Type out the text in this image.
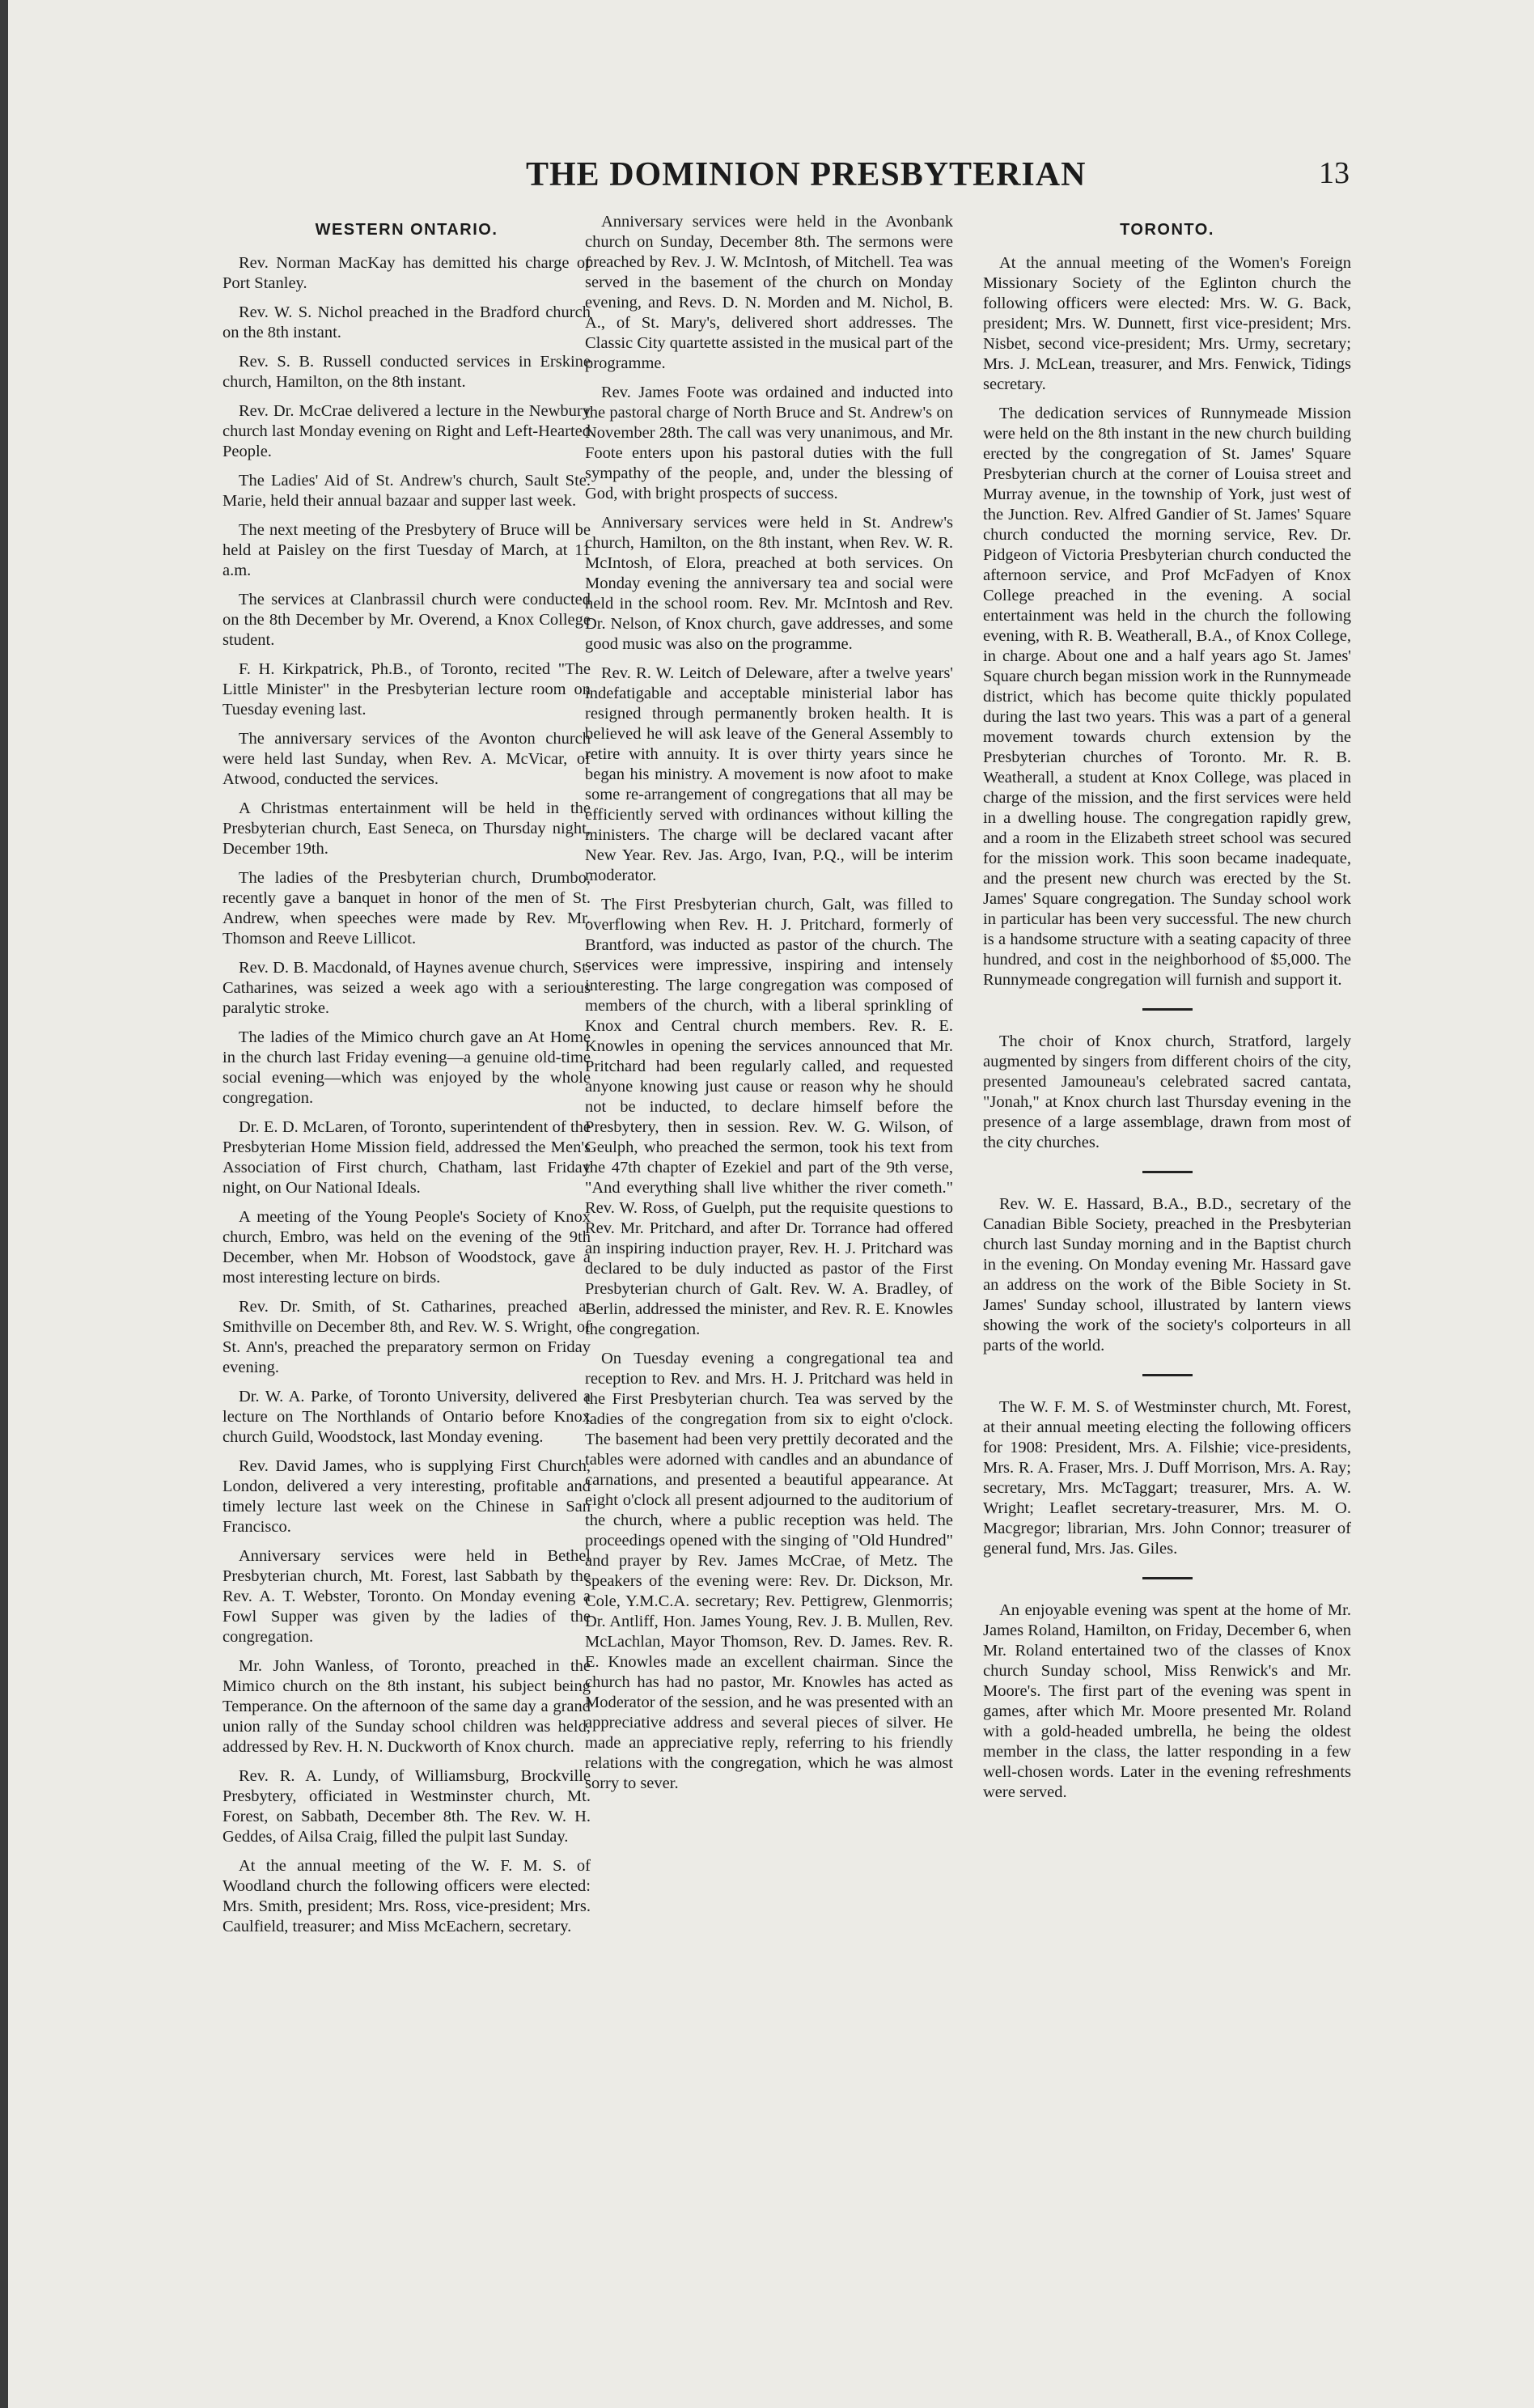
THE DOMINION PRESBYTERIAN	13
WESTERN ONTARIO.

Rev. Norman MacKay has demitted his charge of Port Stanley.

Rev. W. S. Nichol preached in the Bradford church on the 8th instant.

Rev. S. B. Russell conducted services in Erskine church, Hamilton, on the 8th instant.

Rev. Dr. McCrae delivered a lecture in the Newbury church last Monday evening on Right and Left-Hearted People.

The Ladies' Aid of St. Andrew's church, Sault Ste. Marie, held their annual bazaar and supper last week.

The next meeting of the Presbytery of Bruce will be held at Paisley on the first Tuesday of March, at 11 a.m.

The services at Clanbrassil church were conducted on the 8th December by Mr. Overend, a Knox College student.

F. H. Kirkpatrick, Ph.B., of Toronto, recited "The Little Minister" in the Presbyterian lecture room on Tuesday evening last.

The anniversary services of the Avonton church were held last Sunday, when Rev. A. McVicar, of Atwood, conducted the services.

A Christmas entertainment will be held in the Presbyterian church, East Seneca, on Thursday night, December 19th.

The ladies of the Presbyterian church, Drumbo, recently gave a banquet in honor of the men of St. Andrew, when speeches were made by Rev. Mr. Thomson and Reeve Lillicot.

Rev. D. B. Macdonald, of Haynes avenue church, St. Catharines, was seized a week ago with a serious paralytic stroke.

The ladies of the Mimico church gave an At Home in the church last Friday evening—a genuine old-time social evening—which was enjoyed by the whole congregation.

Dr. E. D. McLaren, of Toronto, superintendent of the Presbyterian Home Mission field, addressed the Men's Association of First church, Chatham, last Friday night, on Our National Ideals.

A meeting of the Young People's Society of Knox church, Embro, was held on the evening of the 9th December, when Mr. Hobson of Woodstock, gave a most interesting lecture on birds.

Rev. Dr. Smith, of St. Catharines, preached at Smithville on December 8th, and Rev. W. S. Wright, of St. Ann's, preached the preparatory sermon on Friday evening.

Dr. W. A. Parke, of Toronto University, delivered a lecture on The Northlands of Ontario before Knox church Guild, Woodstock, last Monday evening.

Rev. David James, who is supplying First Church, London, delivered a very interesting, profitable and timely lecture last week on the Chinese in San Francisco.

Anniversary services were held in Bethel Presbyterian church, Mt. Forest, last Sabbath by the Rev. A. T. Webster, Toronto. On Monday evening a Fowl Supper was given by the ladies of the congregation.

Mr. John Wanless, of Toronto, preached in the Mimico church on the 8th instant, his subject being Temperance. On the afternoon of the same day a grand union rally of the Sunday school children was held, addressed by Rev. H. N. Duckworth of Knox church.

Rev. R. A. Lundy, of Williamsburg, Brockville Presbytery, officiated in Westminster church, Mt. Forest, on Sabbath, December 8th. The Rev. W. H. Geddes, of Ailsa Craig, filled the pulpit last Sunday.

At the annual meeting of the W. F. M. S. of Woodland church the following officers were elected: Mrs. Smith, president; Mrs. Ross, vice-president; Mrs. Caulfield, treasurer; and Miss McEachern, secretary.

Anniversary services were held in the Avonbank church on Sunday, December 8th. The sermons were preached by Rev. J. W. McIntosh, of Mitchell. Tea was served in the basement of the church on Monday evening, and Revs. D. N. Morden and M. Nichol, B. A., of St. Mary's, delivered short addresses. The Classic City quartette assisted in the musical part of the programme.

Rev. James Foote was ordained and inducted into the pastoral charge of North Bruce and St. Andrew's on November 28th. The call was very unanimous, and Mr. Foote enters upon his pastoral duties with the full sympathy of the people, and, under the blessing of God, with bright prospects of success.

Anniversary services were held in St. Andrew's church, Hamilton, on the 8th instant, when Rev. W. R. McIntosh, of Elora, preached at both services. On Monday evening the anniversary tea and social were held in the school room. Rev. Mr. McIntosh and Rev. Dr. Nelson, of Knox church, gave addresses, and some good music was also on the programme.

Rev. R. W. Leitch of Deleware, after a twelve years' indefatigable and acceptable ministerial labor has resigned through permanently broken health. It is believed he will ask leave of the General Assembly to retire with annuity. It is over thirty years since he began his ministry. A movement is now afoot to make some re-arrangement of congregations that all may be efficiently served with ordinances without killing the ministers. The charge will be declared vacant after New Year. Rev. Jas. Argo, Ivan, P.Q., will be interim moderator.

The First Presbyterian church, Galt, was filled to overflowing when Rev. H. J. Pritchard, formerly of Brantford, was inducted as pastor of the church. The services were impressive, inspiring and intensely interesting. The large congregation was composed of members of the church, with a liberal sprinkling of Knox and Central church members. Rev. R. E. Knowles in opening the services announced that Mr. Pritchard had been regularly called, and requested anyone knowing just cause or reason why he should not be inducted, to declare himself before the Presbytery, then in session. Rev. W. G. Wilson, of Geulph, who preached the sermon, took his text from the 47th chapter of Ezekiel and part of the 9th verse, "And everything shall live whither the river cometh." Rev. W. Ross, of Guelph, put the requisite questions to Rev. Mr. Pritchard, and after Dr. Torrance had offered an inspiring induction prayer, Rev. H. J. Pritchard was declared to be duly inducted as pastor of the First Presbyterian church of Galt. Rev. W. A. Bradley, of Berlin, addressed the minister, and Rev. R. E. Knowles the congregation.

On Tuesday evening a congregational tea and reception to Rev. and Mrs. H. J. Pritchard was held in the First Presbyterian church. Tea was served by the ladies of the congregation from six to eight o'clock. The basement had been very prettily decorated and the tables were adorned with candles and an abundance of carnations, and presented a beautiful appearance. At eight o'clock all present adjourned to the auditorium of the church, where a public reception was held. The proceedings opened with the singing of "Old Hundred" and prayer by Rev. James McCrae, of Metz. The speakers of the evening were: Rev. Dr. Dickson, Mr. Cole, Y.M.C.A. secretary; Rev. Pettigrew, Glenmorris; Dr. Antliff, Hon. James Young, Rev. J. B. Mullen, Rev. McLachlan, Mayor Thomson, Rev. D. James. Rev. R. E. Knowles made an excellent chairman. Since the church has had no pastor, Mr. Knowles has acted as Moderator of the session, and he was presented with an appreciative address and several pieces of silver. He made an appreciative reply, referring to his friendly relations with the congregation, which he was almost sorry to sever.

TORONTO.

At the annual meeting of the Women's Foreign Missionary Society of the Eglinton church the following officers were elected: Mrs. W. G. Back, president; Mrs. W. Dunnett, first vice-president; Mrs. Nisbet, second vice-president; Mrs. Urmy, secretary; Mrs. J. McLean, treasurer, and Mrs. Fenwick, Tidings secretary.

The dedication services of Runnymeade Mission were held on the 8th instant in the new church building erected by the congregation of St. James' Square Presbyterian church at the corner of Louisa street and Murray avenue, in the township of York, just west of the Junction. Rev. Alfred Gandier of St. James' Square church conducted the morning service, Rev. Dr. Pidgeon of Victoria Presbyterian church conducted the afternoon service, and Prof McFadyen of Knox College preached in the evening. A social entertainment was held in the church the following evening, with R. B. Weatherall, B.A., of Knox College, in charge. About one and a half years ago St. James' Square church began mission work in the Runnymeade district, which has become quite thickly populated during the last two years. This was a part of a general movement towards church extension by the Presbyterian churches of Toronto. Mr. R. B. Weatherall, a student at Knox College, was placed in charge of the mission, and the first services were held in a dwelling house. The congregation rapidly grew, and a room in the Elizabeth street school was secured for the mission work. This soon became inadequate, and the present new church was erected by the St. James' Square congregation. The Sunday school work in particular has been very successful. The new church is a handsome structure with a seating capacity of three hundred, and cost in the neighborhood of $5,000. The Runnymeade congregation will furnish and support it.

The choir of Knox church, Stratford, largely augmented by singers from different choirs of the city, presented Jamouneau's celebrated sacred cantata, "Jonah," at Knox church last Thursday evening in the presence of a large assemblage, drawn from most of the city churches.

Rev. W. E. Hassard, B.A., B.D., secretary of the Canadian Bible Society, preached in the Presbyterian church last Sunday morning and in the Baptist church in the evening. On Monday evening Mr. Hassard gave an address on the work of the Bible Society in St. James' Sunday school, illustrated by lantern views showing the work of the society's colporteurs in all parts of the world.

The W. F. M. S. of Westminster church, Mt. Forest, at their annual meeting electing the following officers for 1908: President, Mrs. A. Filshie; vice-presidents, Mrs. R. A. Fraser, Mrs. J. Duff Morrison, Mrs. A. Ray; secretary, Mrs. McTaggart; treasurer, Mrs. A. W. Wright; Leaflet secretary-treasurer, Mrs. M. O. Macgregor; librarian, Mrs. John Connor; treasurer of general fund, Mrs. Jas. Giles.

An enjoyable evening was spent at the home of Mr. James Roland, Hamilton, on Friday, December 6, when Mr. Roland entertained two of the classes of Knox church Sunday school, Miss Renwick's and Mr. Moore's. The first part of the evening was spent in games, after which Mr. Moore presented Mr. Roland with a gold-headed umbrella, he being the oldest member in the class, the latter responding in a few well-chosen words. Later in the evening refreshments were served.
